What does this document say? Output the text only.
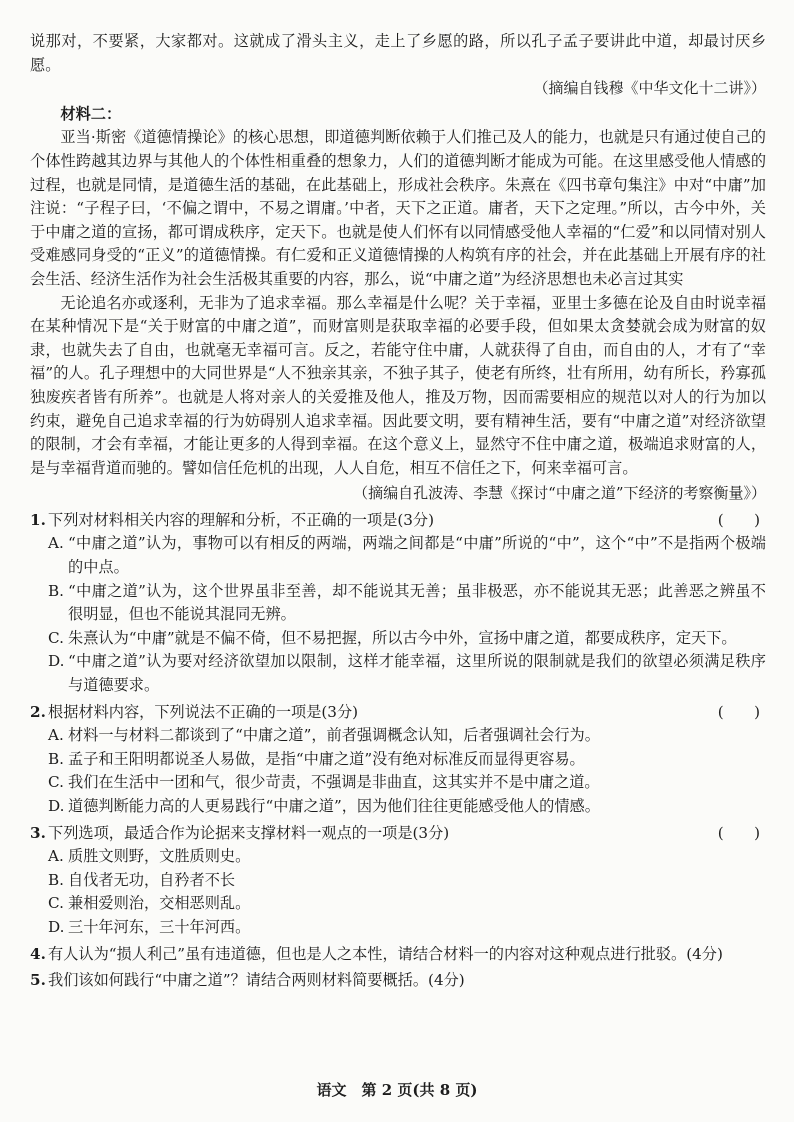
说那对，不要紧，大家都对。这就成了滑头主义，走上了乡愿的路，所以孔子孟子要讲此中道，却最讨厌乡愿。

（摘编自钱穆《中华文化十二讲》）

材料二：

亚当·斯密《道德情操论》的核心思想，即道德判断依赖于人们推己及人的能力，也就是只有通过使自己的个体性跨越其边界与其他人的个体性相重叠的想象力，人们的道德判断才能成为可能。在这里感受他人情感的过程，也就是同情，是道德生活的基础，在此基础上，形成社会秩序。朱熹在《四书章句集注》中对“中庸”加注说：“子程子曰，‘不偏之谓中，不易之谓庸。’中者，天下之正道。庸者，天下之定理。”所以，古今中外，关于中庸之道的宣扬，都可谓成秩序，定天下。也就是使人们怀有以同情感受他人幸福的“仁爱”和以同情对别人受难感同身受的“正义”的道德情操。有仁爱和正义道德情操的人构筑有序的社会，并在此基础上开展有序的社会生活、经济生活作为社会生活极其重要的内容，那么，说“中庸之道”为经济思想也未必言过其实

无论追名亦或逐利，无非为了追求幸福。那么幸福是什么呢？关于幸福，亚里士多德在论及自由时说幸福在某种情况下是“关于财富的中庸之道”，而财富则是获取幸福的必要手段，但如果太贪婪就会成为财富的奴隶，也就失去了自由，也就毫无幸福可言。反之，若能守住中庸，人就获得了自由，而自由的人，才有了“幸福”的人。孔子理想中的大同世界是“人不独亲其亲，不独子其子，使老有所终，壮有所用，幼有所长，矜寡孤独废疾者皆有所养”。也就是人将对亲人的关爱推及他人，推及万物，因而需要相应的规范以对人的行为加以约束，避免自己追求幸福的行为妨碍别人追求幸福。因此要文明，要有精神生活，要有“中庸之道”对经济欲望的限制，才会有幸福，才能让更多的人得到幸福。在这个意义上，显然守不住中庸之道，极端追求财富的人，是与幸福背道而驰的。譬如信任危机的出现，人人自危，相互不信任之下，何来幸福可言。

（摘编自孔波涛、李慧《探讨“中庸之道”下经济的考察衡量》）

1. 下列对材料相关内容的理解和分析，不正确的一项是(3分)	(　　)
A. “中庸之道”认为，事物可以有相反的两端，两端之间都是“中庸”所说的“中”，这个“中”不是指两个极端的中点。
B. “中庸之道”认为，这个世界虽非至善，却不能说其无善；虽非极恶，亦不能说其无恶；此善恶之辨虽不很明显，但也不能说其混同无辨。
C. 朱熹认为“中庸”就是不偏不倚，但不易把握，所以古今中外，宣扬中庸之道，都要成秩序，定天下。
D. “中庸之道”认为要对经济欲望加以限制，这样才能幸福，这里所说的限制就是我们的欲望必须满足秩序与道德要求。
2. 根据材料内容，下列说法不正确的一项是(3分)	(　　)
A. 材料一与材料二都谈到了“中庸之道”，前者强调概念认知，后者强调社会行为。
B. 孟子和王阳明都说圣人易做，是指“中庸之道”没有绝对标准反而显得更容易。
C. 我们在生活中一团和气，很少苛责，不强调是非曲直，这其实并不是中庸之道。
D. 道德判断能力高的人更易践行“中庸之道”，因为他们往往更能感受他人的情感。
3. 下列选项，最适合作为论据来支撑材料一观点的一项是(3分)	(　　)
A. 质胜文则野，文胜质则史。
B. 自伐者无功，自矜者不长
C. 兼相爱则治，交相恶则乱。
D. 三十年河东，三十年河西。
4. 有人认为“损人利己”虽有违道德，但也是人之本性，请结合材料一的内容对这种观点进行批驳。(4分)
5. 我们该如何践行“中庸之道”？请结合两则材料简要概括。(4分)
语文　第 2 页(共 8 页)
